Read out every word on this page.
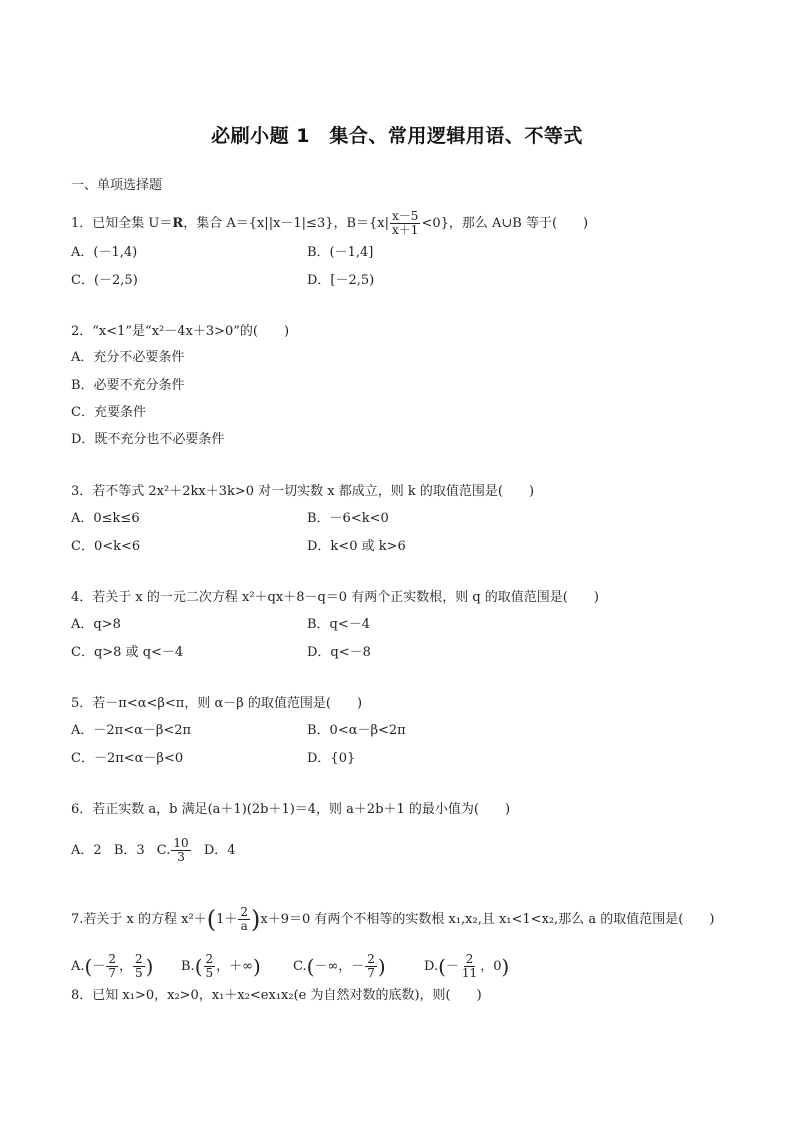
必刷小题 1　集合、常用逻辑用语、不等式
一、单项选择题
1．已知全集 U＝R，集合 A＝{x||x－1|≤3}，$B=\{x| \frac{x-5}{x+1} <0\}$，那么 A∪B 等于(　　)
A．(－1,4)	B．(－1,4]
C．(－2,5)	D．[－2,5)
2．“x<1”是“x²－4x＋3>0”的(　　)
A．充分不必要条件
B．必要不充分条件
C．充要条件
D．既不充分也不必要条件
3．若不等式 2x²＋2kx＋3k>0 对一切实数 x 都成立，则 k 的取值范围是(　　)
A．0≤k≤6	B．－6<k<0
C．0<k<6	D．k<0 或 k>6
4．若关于 x 的一元二次方程 x²＋qx＋8－q＝0 有两个正实数根，则 q 的取值范围是(　　)
A．q>8	B．q<－4
C．q>8 或 q<－4	D．q<－8
5．若－π<α<β<π，则 α－β 的取值范围是(　　)
A．－2π<α－β<2π	B．0<α－β<2π
C．－2π<α－β<0	D．{0}
6．若正实数 a，b 满足(a＋1)(2b＋1)＝4，则 a＋2b＋1 的最小值为(　　)
A．2 B．3 C. $\frac{10}{3}$ D．4
7.若关于 x 的方程 $x^2+(1+ \frac{2}{a} )x+9=0$ 有两个不相等的实数根 x₁,x₂,且 x₁<1<x₂,那么 a 的取值范围是(　　)
$A.(- \frac{2}{7}$ ， $\frac{2}{5}$ ) $B.( \frac{2}{5}$ ，＋∞) C.(－∞，－ $\frac{2}{7}$ )	$D.(- \frac{2}{11}$ ，0)
8．已知 x₁>0，x₂>0，x₁＋x₂<ex₁x₂(e 为自然对数的底数)，则(　　)
